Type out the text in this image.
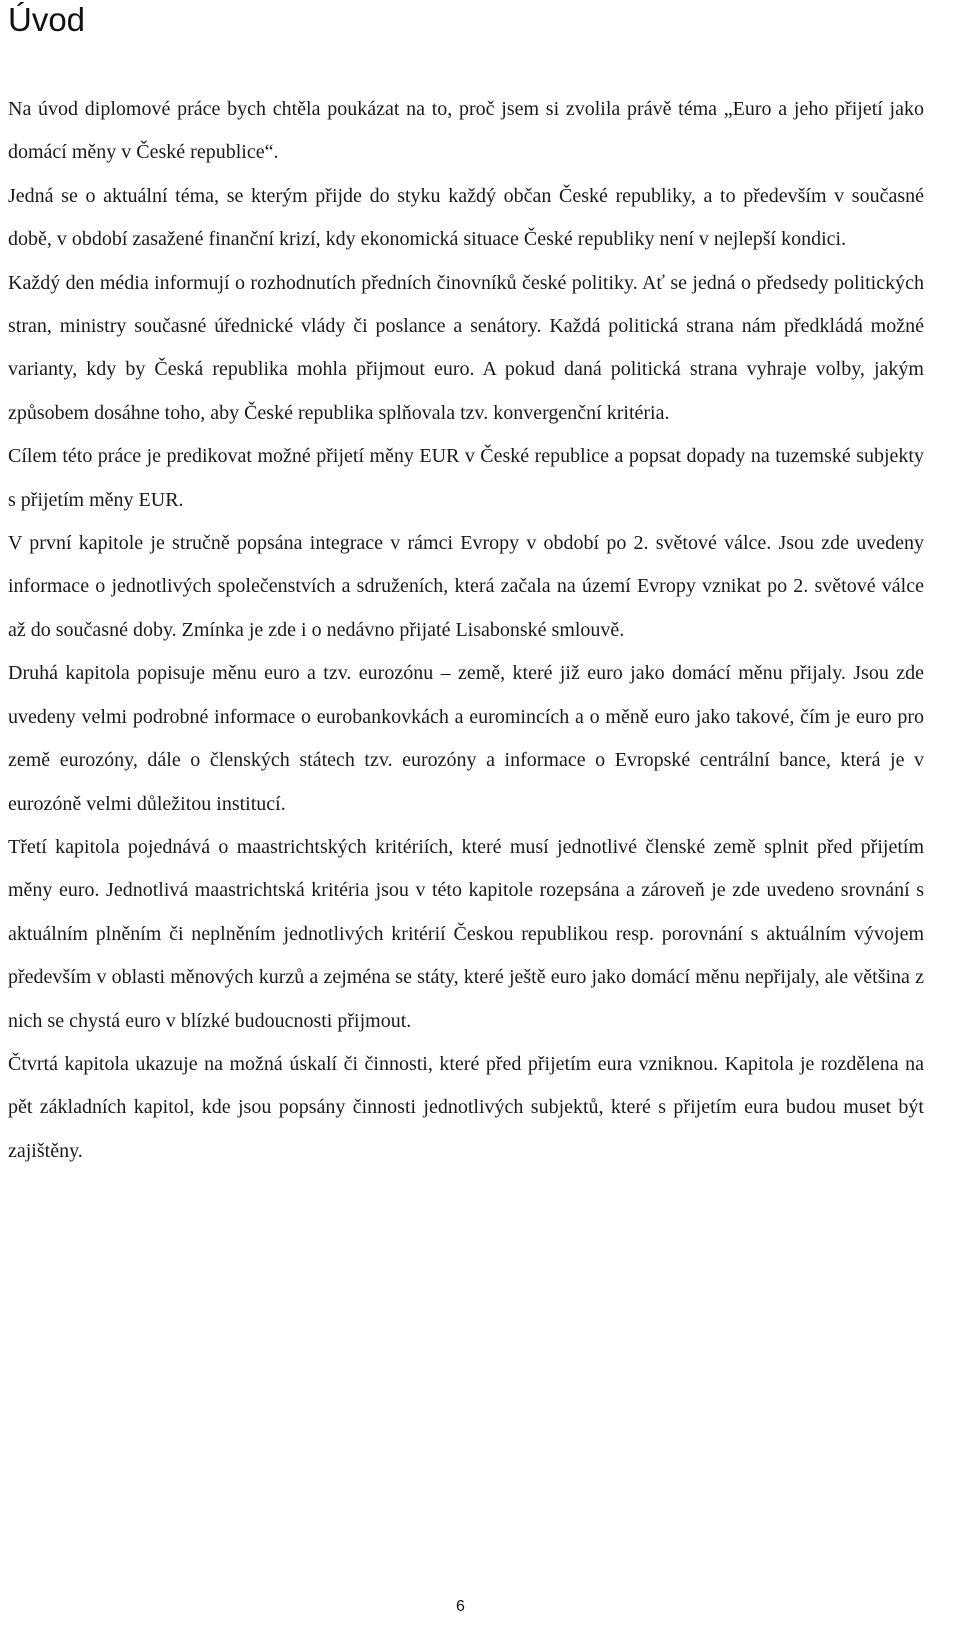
Úvod

Na úvod diplomové práce bych chtěla poukázat na to, proč jsem si zvolila právě téma „Euro a jeho přijetí jako domácí měny v České republice“.

Jedná se o aktuální téma, se kterým přijde do styku každý občan České republiky, a to především v současné době, v období zasažené finanční krizí, kdy ekonomická situace České republiky není v nejlepší kondici.

Každý den média informují o rozhodnutích předních činovníků české politiky. Ať se jedná o předsedy politických stran, ministry současné úřednické vlády či poslance a senátory. Každá politická strana nám předkládá možné varianty, kdy by Česká republika mohla přijmout euro. A pokud daná politická strana vyhraje volby, jakým způsobem dosáhne toho, aby České republika splňovala tzv. konvergenční kritéria.

Cílem této práce je predikovat možné přijetí měny EUR v České republice a popsat dopady na tuzemské subjekty s přijetím měny EUR.

V první kapitole je stručně popsána integrace v rámci Evropy v období po 2. světové válce. Jsou zde uvedeny informace o jednotlivých společenstvích a sdruženích, která začala na území Evropy vznikat po 2. světové válce až do současné doby. Zmínka je zde i o nedávno přijaté Lisabonské smlouvě.

Druhá kapitola popisuje měnu euro a tzv. eurozónu – země, které již euro jako domácí měnu přijaly. Jsou zde uvedeny velmi podrobné informace o eurobankovkách a euromincích a o měně euro jako takové, čím je euro pro země eurozóny, dále o členských státech tzv. eurozóny a informace o Evropské centrální bance, která je v eurozóně velmi důležitou institucí.

Třetí kapitola pojednává o maastrichtských kritériích, které musí jednotlivé členské země splnit před přijetím měny euro. Jednotlivá maastrichtská kritéria jsou v této kapitole rozepsána a zároveň je zde uvedeno srovnání s aktuálním plněním či neplněním jednotlivých kritérií Českou republikou resp. porovnání s aktuálním vývojem především v oblasti měnových kurzů a zejména se státy, které ještě euro jako domácí měnu nepřijaly, ale většina z nich se chystá euro v blízké budoucnosti přijmout.

Čtvrtá kapitola ukazuje na možná úskalí či činnosti, které před přijetím eura vzniknou. Kapitola je rozdělena na pět základních kapitol, kde jsou popsány činnosti jednotlivých subjektů, které s přijetím eura budou muset být zajištěny.

6
